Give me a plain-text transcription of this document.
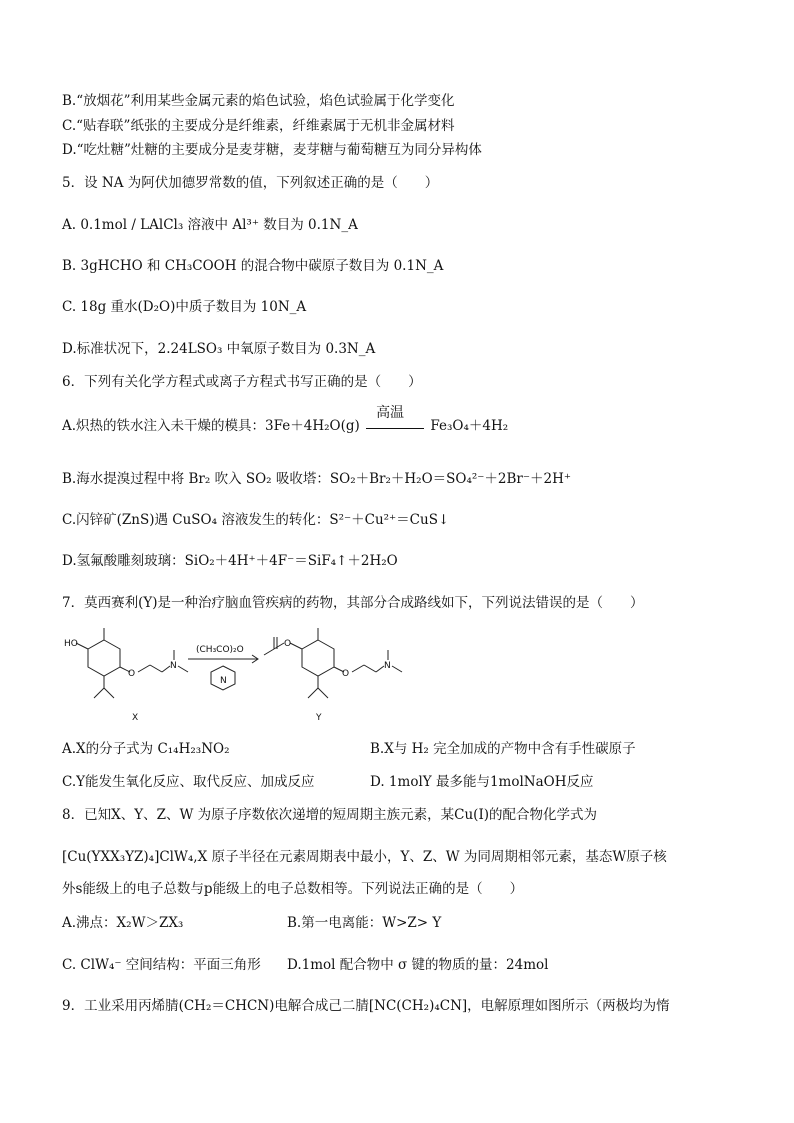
B.“放烟花”利用某些金属元素的焰色试验，焰色试验属于化学变化
C.“贴春联”纸张的主要成分是纤维素，纤维素属于无机非金属材料
D.“吃灶糖”灶糖的主要成分是麦芽糖，麦芽糖与葡萄糖互为同分异构体
5．设 NA 为阿伏加德罗常数的值，下列叙述正确的是（　　）
A. 0.1mol / LAlCl₃ 溶液中 Al³⁺ 数目为 0.1N_A
B. 3gHCHO 和 CH₃COOH 的混合物中碳原子数目为 0.1N_A
C. 18g 重水(D₂O)中质子数目为 10N_A
D.标准状况下，2.24LSO₃ 中氧原子数目为 0.3N_A
6．下列有关化学方程式或离子方程式书写正确的是（　　）
A.炽热的铁水注入未干燥的模具：3Fe＋4H₂O(g)
高温
Fe₃O₄＋4H₂
B.海水提溴过程中将 Br₂ 吹入 SO₂ 吸收塔：SO₂＋Br₂＋H₂O＝SO₄²⁻＋2Br⁻＋2H⁺
C.闪锌矿(ZnS)遇 CuSO₄ 溶液发生的转化：S²⁻＋Cu²⁺＝CuS↓
D.氢氟酸雕刻玻璃：SiO₂＋4H⁺＋4F⁻＝SiF₄↑＋2H₂O
7．莫西赛利(Y)是一种治疗脑血管疾病的药物，其部分合成路线如下，下列说法错误的是（　　）
HO
O
N
N
O
N
O
(CH₃CO)₂O
X	Y
A.X的分子式为 C₁₄H₂₃NO₂	B.X与 H₂ 完全加成的产物中含有手性碳原子
C.Y能发生氧化反应、取代反应、加成反应	D. 1molY 最多能与1molNaOH反应
8．已知X、Y、Z、W 为原子序数依次递增的短周期主族元素，某Cu(I)的配合物化学式为
[Cu(YXX₃YZ)₄]ClW₄,X 原子半径在元素周期表中最小，Y、Z、W 为同周期相邻元素，基态W原子核
外s能级上的电子总数与p能级上的电子总数相等。下列说法正确的是（　　）
A.沸点：X₂W＞ZX₃	B.第一电离能：W>Z> Y
C. ClW₄⁻ 空间结构：平面三角形 D.1mol 配合物中 σ 键的物质的量：24mol
9．工业采用丙烯腈(CH₂＝CHCN)电解合成己二腈[NC(CH₂)₄CN]，电解原理如图所示（两极均为惰
